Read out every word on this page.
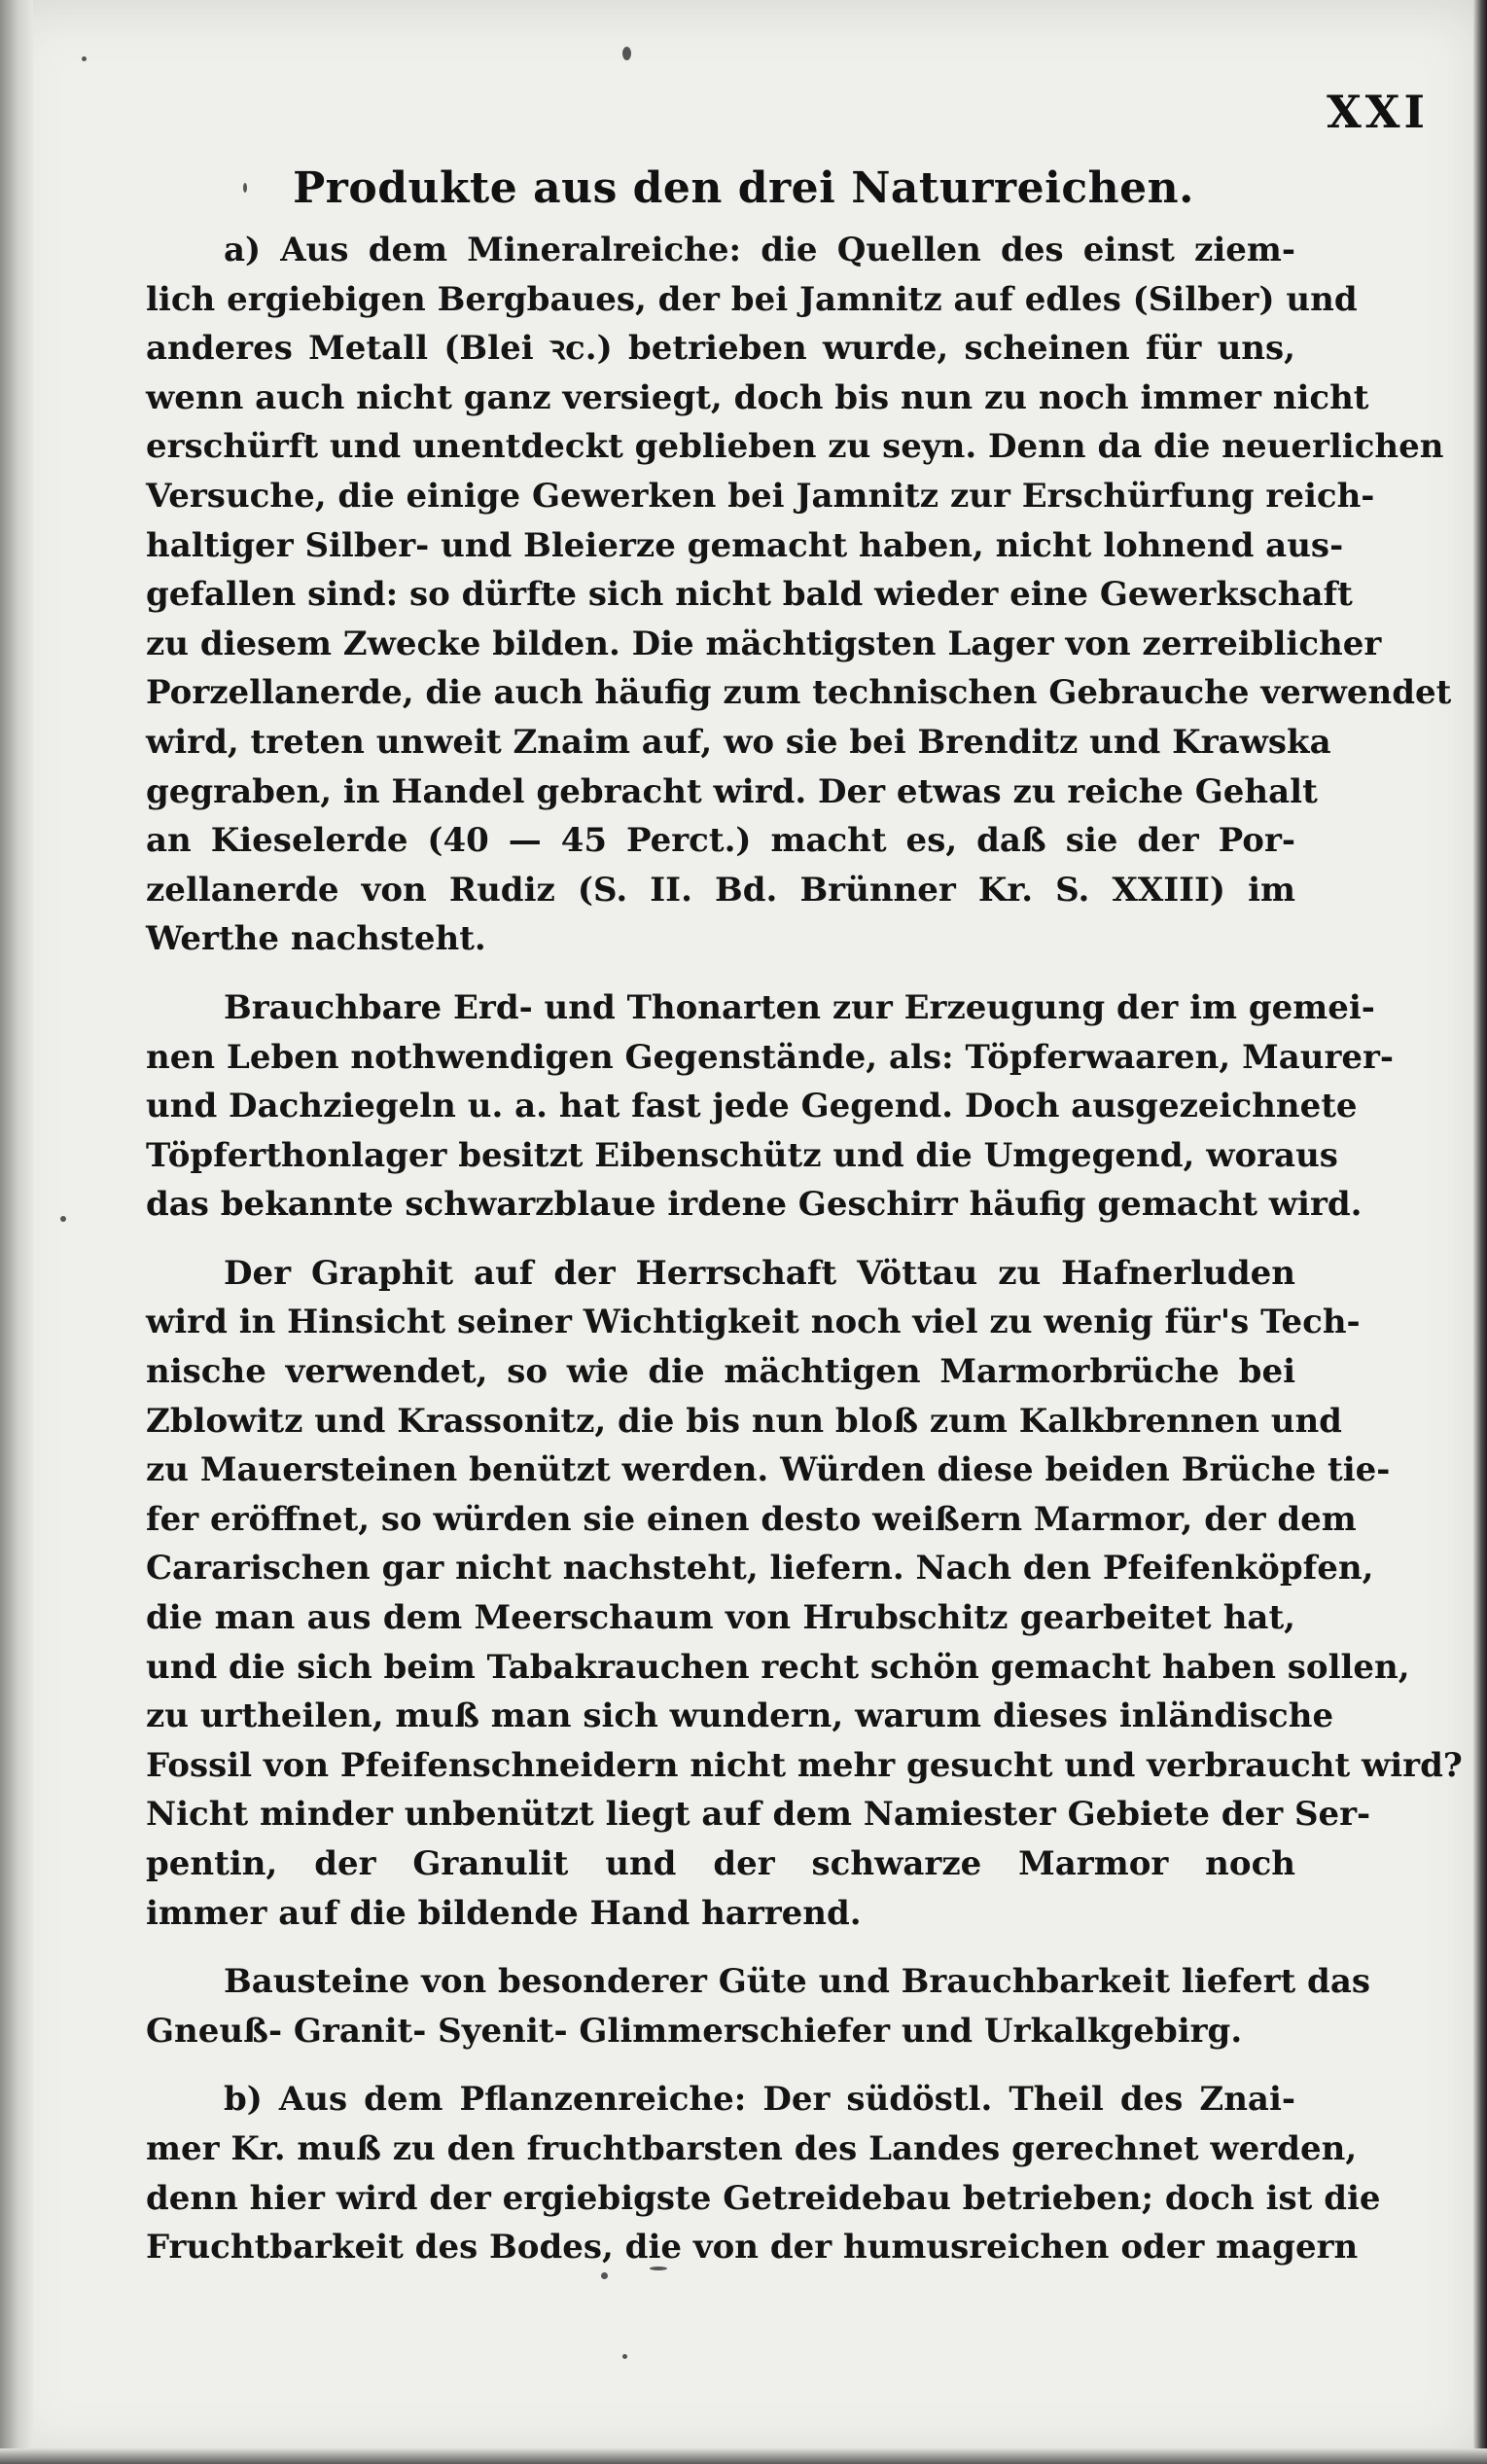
XXI
Produkte aus den drei Naturreichen.
a) Aus dem Mineralreiche: die Quellen des einst ziem-
lich ergiebigen Bergbaues, der bei Jamnitz auf edles (Silber) und
anderes Metall (Blei ꝛc.) betrieben wurde, scheinen für uns,
wenn auch nicht ganz versiegt, doch bis nun zu noch immer nicht
erschürft und unentdeckt geblieben zu seyn. Denn da die neuerlichen
Versuche, die einige Gewerken bei Jamnitz zur Erschürfung reich-
haltiger Silber- und Bleierze gemacht haben, nicht lohnend aus-
gefallen sind: so dürfte sich nicht bald wieder eine Gewerkschaft
zu diesem Zwecke bilden. Die mächtigsten Lager von zerreiblicher
Porzellanerde, die auch häufig zum technischen Gebrauche verwendet
wird, treten unweit Znaim auf, wo sie bei Brenditz und Krawska
gegraben, in Handel gebracht wird. Der etwas zu reiche Gehalt
an Kieselerde (40 — 45 Perct.) macht es, daß sie der Por-
zellanerde von Rudiz (S. II. Bd. Brünner Kr. S. XXIII) im
Werthe nachsteht.
Brauchbare Erd- und Thonarten zur Erzeugung der im gemei-
nen Leben nothwendigen Gegenstände, als: Töpferwaaren, Maurer-
und Dachziegeln u. a. hat fast jede Gegend. Doch ausgezeichnete
Töpferthonlager besitzt Eibenschütz und die Umgegend, woraus
das bekannte schwarzblaue irdene Geschirr häufig gemacht wird.
Der Graphit auf der Herrschaft Vöttau zu Hafnerluden
wird in Hinsicht seiner Wichtigkeit noch viel zu wenig für's Tech-
nische verwendet, so wie die mächtigen Marmorbrüche bei
Zblowitz und Krassonitz, die bis nun bloß zum Kalkbrennen und
zu Mauersteinen benützt werden. Würden diese beiden Brüche tie-
fer eröffnet, so würden sie einen desto weißern Marmor, der dem
Cararischen gar nicht nachsteht, liefern. Nach den Pfeifenköpfen,
die man aus dem Meerschaum von Hrubschitz gearbeitet hat,
und die sich beim Tabakrauchen recht schön gemacht haben sollen,
zu urtheilen, muß man sich wundern, warum dieses inländische
Fossil von Pfeifenschneidern nicht mehr gesucht und verbraucht wird?
Nicht minder unbenützt liegt auf dem Namiester Gebiete der Ser-
pentin, der Granulit und der schwarze Marmor noch
immer auf die bildende Hand harrend.
Bausteine von besonderer Güte und Brauchbarkeit liefert das
Gneuß- Granit- Syenit- Glimmerschiefer und Urkalkgebirg.
b) Aus dem Pflanzenreiche: Der südöstl. Theil des Znai-
mer Kr. muß zu den fruchtbarsten des Landes gerechnet werden,
denn hier wird der ergiebigste Getreidebau betrieben; doch ist die
Fruchtbarkeit des Bodes, die von der humusreichen oder magern
